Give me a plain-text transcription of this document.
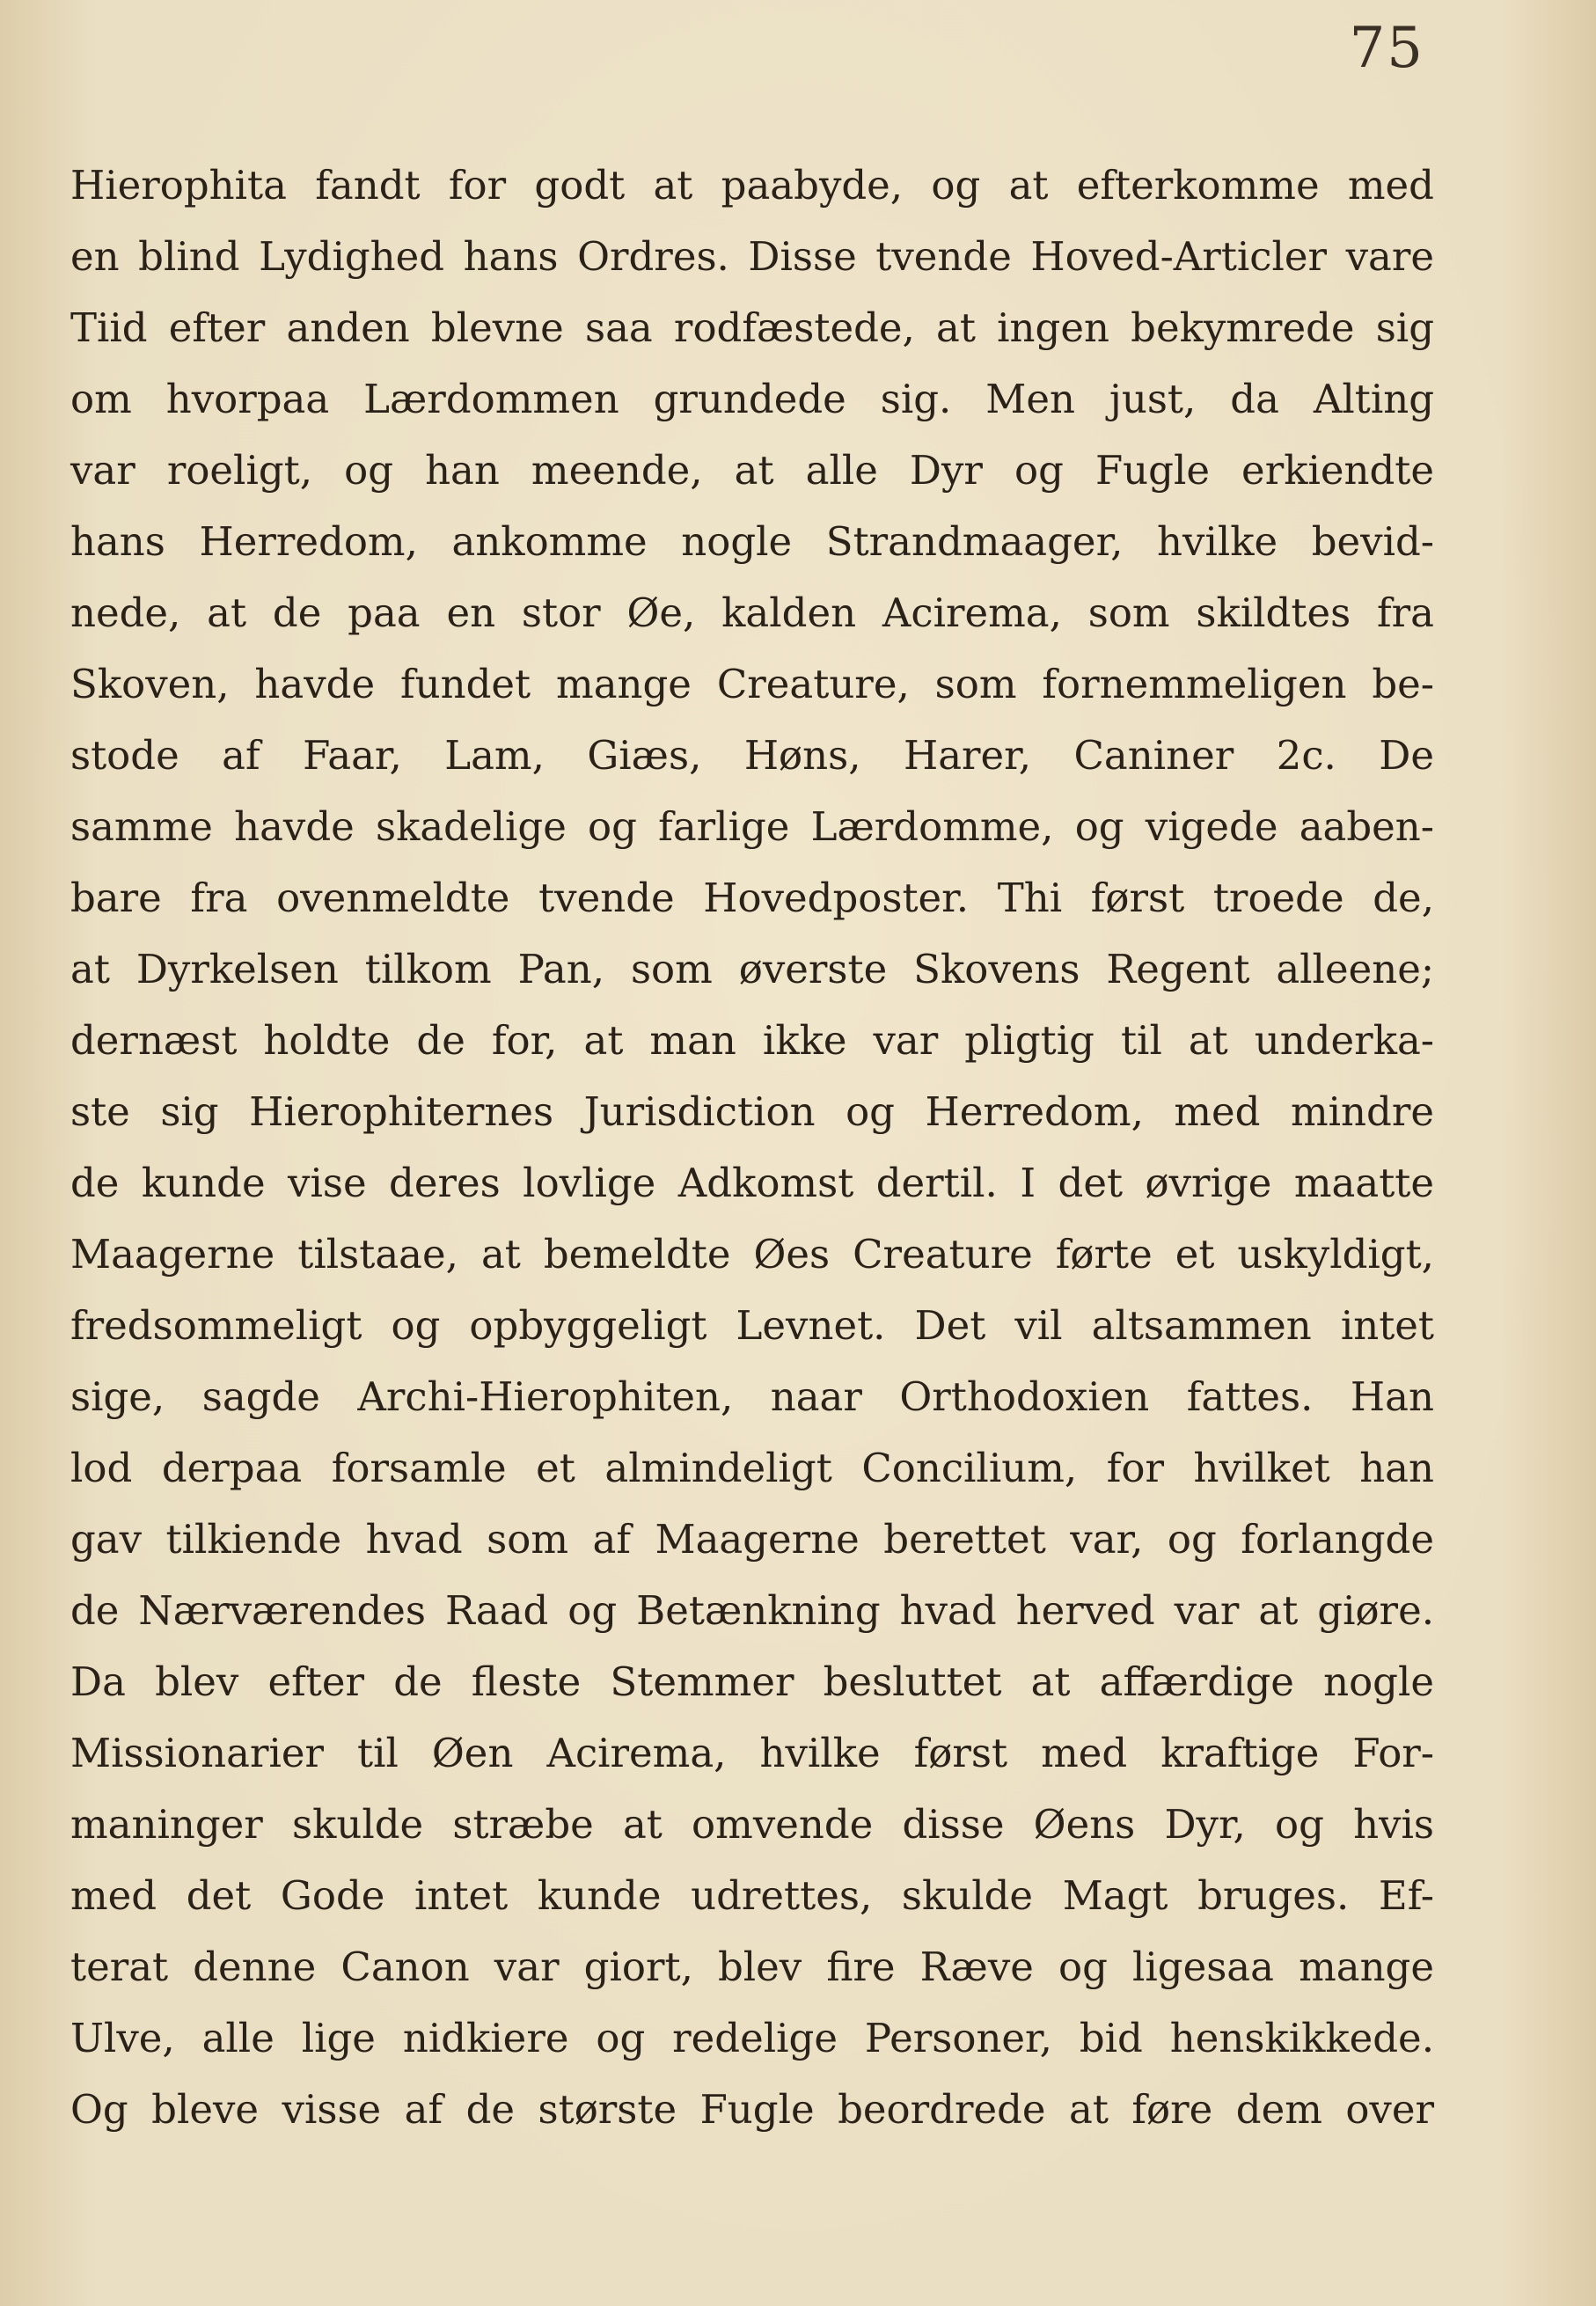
75
Hierophita fandt for godt at paabyde, og at efterkomme med
en blind Lydighed hans Ordres. Disse tvende Hoved-Articler vare
Tiid efter anden blevne saa rodfæstede, at ingen bekymrede sig
om hvorpaa Lærdommen grundede sig. Men just, da Alting
var roeligt, og han meende, at alle Dyr og Fugle erkiendte
hans Herredom, ankomme nogle Strandmaager, hvilke bevid-
nede, at de paa en stor Øe, kalden Acirema, som skildtes fra
Skoven, havde fundet mange Creature, som fornemmeligen be-
stode af Faar, Lam, Giæs, Høns, Harer, Caniner 2c. De
samme havde skadelige og farlige Lærdomme, og vigede aaben-
bare fra ovenmeldte tvende Hovedposter. Thi først troede de,
at Dyrkelsen tilkom Pan, som øverste Skovens Regent alleene;
dernæst holdte de for, at man ikke var pligtig til at underka-
ste sig Hierophiternes Jurisdiction og Herredom, med mindre
de kunde vise deres lovlige Adkomst dertil. I det øvrige maatte
Maagerne tilstaae, at bemeldte Øes Creature førte et uskyldigt,
fredsommeligt og opbyggeligt Levnet. Det vil altsammen intet
sige, sagde Archi-Hierophiten, naar Orthodoxien fattes. Han
lod derpaa forsamle et almindeligt Concilium, for hvilket han
gav tilkiende hvad som af Maagerne berettet var, og forlangde
de Nærværendes Raad og Betænkning hvad herved var at giøre.
Da blev efter de fleste Stemmer besluttet at affærdige nogle
Missionarier til Øen Acirema, hvilke først med kraftige For-
maninger skulde stræbe at omvende disse Øens Dyr, og hvis
med det Gode intet kunde udrettes, skulde Magt bruges. Ef-
terat denne Canon var giort, blev fire Ræve og ligesaa mange
Ulve, alle lige nidkiere og redelige Personer, bid henskikkede.
Og bleve visse af de største Fugle beordrede at føre dem over
